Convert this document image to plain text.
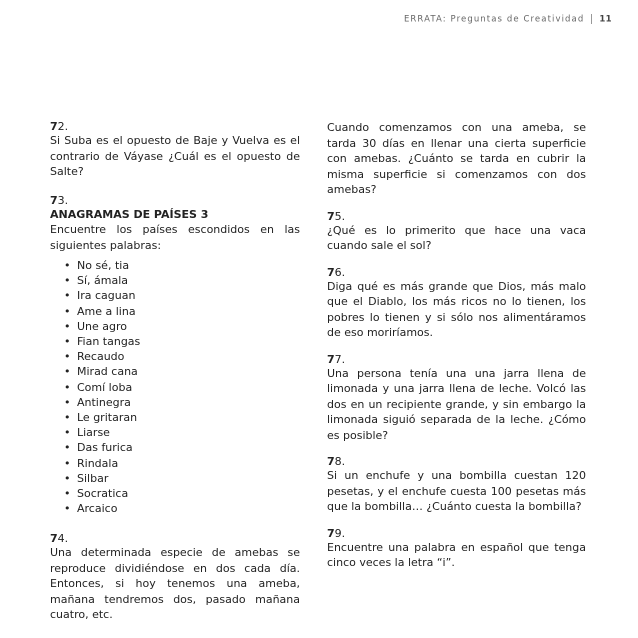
ERRATA: Preguntas de Creatividad 11
72.
Si Suba es el opuesto de Baje y Vuelva es el contrario de Váyase ¿Cuál es el opuesto de Salte?
73.
ANAGRAMAS DE PAÍSES 3
Encuentre los países escondidos en las siguientes palabras:
• No sé, tia
• Sí, ámala
• Ira caguan
• Ame a lina
• Une agro
• Fian tangas
• Recaudo
• Mirad cana
• Comí loba
• Antinegra
• Le gritaran
• Liarse
• Das furica
• Rindala
• Silbar
• Socratica
• Arcaico
74.
Una determinada especie de amebas se reproduce dividiéndose en dos cada día. Entonces, si hoy tenemos una ameba, mañana tendremos dos, pasado mañana cuatro, etc.
Cuando comenzamos con una ameba, se tarda 30 días en llenar una cierta superficie con amebas. ¿Cuánto se tarda en cubrir la misma superficie si comenzamos con dos amebas?
75.
¿Qué es lo primerito que hace una vaca cuando sale el sol?
76.
Diga qué es más grande que Dios, más malo que el Diablo, los más ricos no lo tienen, los pobres lo tienen y si sólo nos alimentáramos de eso moriríamos.
77.
Una persona tenía una una jarra llena de limonada y una jarra llena de leche. Volcó las dos en un recipiente grande, y sin embargo la limonada siguió separada de la leche. ¿Cómo es posible?
78.
Si un enchufe y una bombilla cuestan 120 pesetas, y el enchufe cuesta 100 pesetas más que la bombilla… ¿Cuánto cuesta la bombilla?
79.
Encuentre una palabra en español que tenga cinco veces la letra “i”.
